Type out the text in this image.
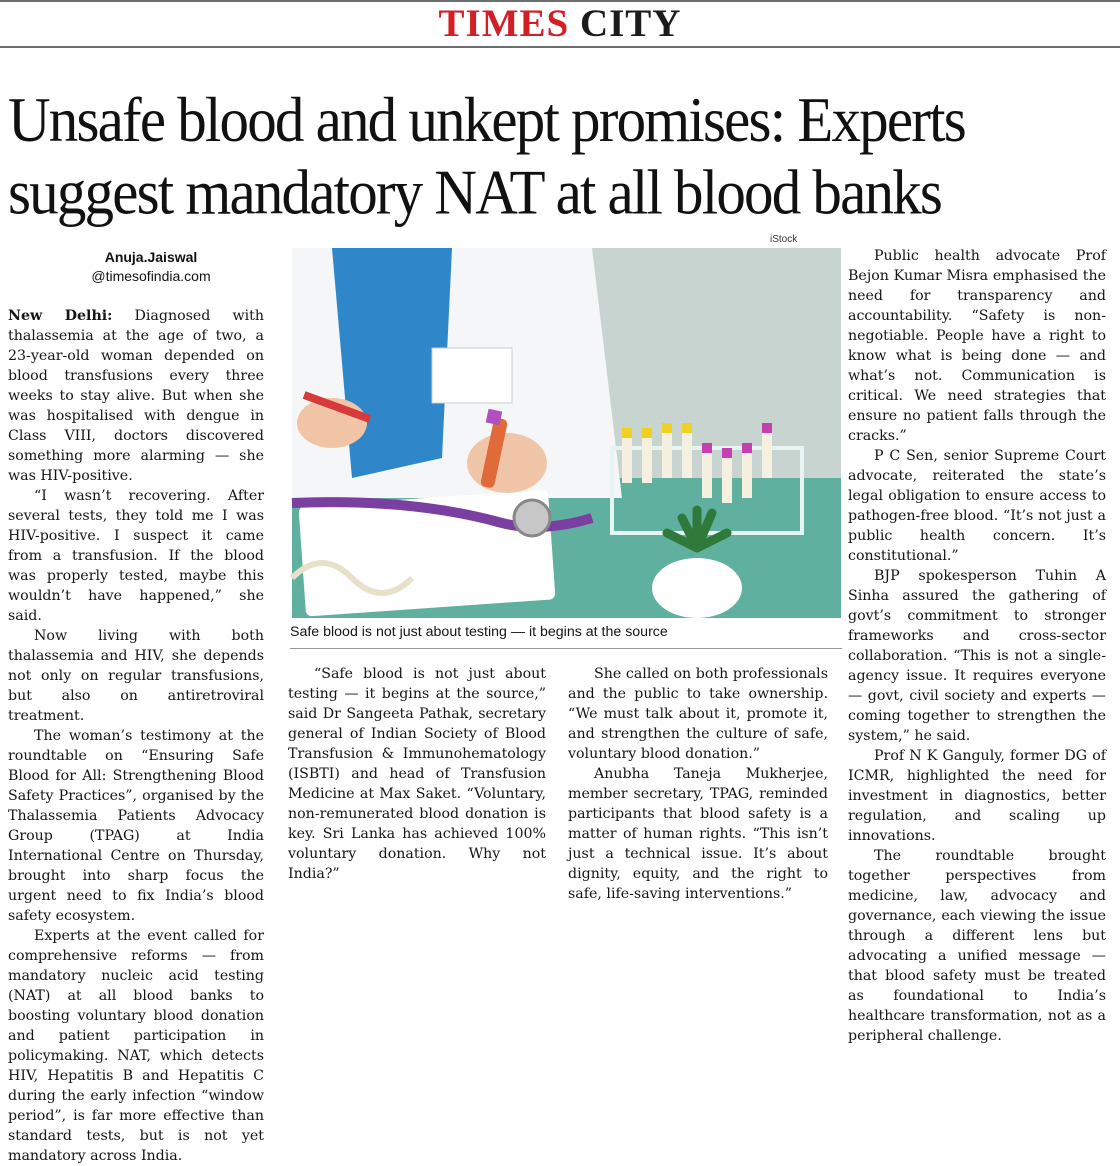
TIMES CITY
Unsafe blood and unkept promises: Experts suggest mandatory NAT at all blood banks
Anuja.Jaiswal
@timesofindia.com

New Delhi: Diagnosed with thalassemia at the age of two, a 23-year-old woman depended on blood transfusions every three weeks to stay alive. But when she was hospitalised with dengue in Class VIII, doctors discovered something more alarming — she was HIV-positive.

“I wasn’t recovering. After several tests, they told me I was HIV-positive. I suspect it came from a transfusion. If the blood was properly tested, maybe this wouldn’t have happened,” she said.

Now living with both thalassemia and HIV, she depends not only on regular transfusions, but also on antiretroviral treatment.

The woman’s testimony at the roundtable on “Ensuring Safe Blood for All: Strengthening Blood Safety Practices”, organised by the Thalassemia Patients Advocacy Group (TPAG) at India International Centre on Thursday, brought into sharp focus the urgent need to fix India’s blood safety ecosystem.

Experts at the event called for comprehensive reforms — from mandatory nucleic acid testing (NAT) at all blood banks to boosting voluntary blood donation and patient participation in policymaking. NAT, which detects HIV, Hepatitis B and Hepatitis C during the early infection “window period”, is far more effective than standard tests, but is not yet mandatory across India.

iStock
Safe blood is not just about testing — it begins at the source

“Safe blood is not just about testing — it begins at the source,” said Dr Sangeeta Pathak, secretary general of Indian Society of Blood Transfusion & Immunohematology (ISBTI) and head of Transfusion Medicine at Max Saket. “Voluntary, non-remunerated blood donation is key. Sri Lanka has achieved 100% voluntary donation. Why not India?”

She called on both professionals and the public to take ownership. “We must talk about it, promote it, and strengthen the culture of safe, voluntary blood donation.”

Anubha Taneja Mukherjee, member secretary, TPAG, reminded participants that blood safety is a matter of human rights. “This isn’t just a technical issue. It’s about dignity, equity, and the right to safe, life-saving interventions.”

Public health advocate Prof Bejon Kumar Misra emphasised the need for transparency and accountability. “Safety is non-negotiable. People have a right to know what is being done — and what’s not. Communication is critical. We need strategies that ensure no patient falls through the cracks.”

P C Sen, senior Supreme Court advocate, reiterated the state’s legal obligation to ensure access to pathogen-free blood. “It’s not just a public health concern. It’s constitutional.”

BJP spokesperson Tuhin A Sinha assured the gathering of govt’s commitment to stronger frameworks and cross-sector collaboration. “This is not a single-agency issue. It requires everyone — govt, civil society and experts — coming together to strengthen the system,” he said.

Prof N K Ganguly, former DG of ICMR, highlighted the need for investment in diagnostics, better regulation, and scaling up innovations.

The roundtable brought together perspectives from medicine, law, advocacy and governance, each viewing the issue through a different lens but advocating a unified message — that blood safety must be treated as foundational to India’s healthcare transformation, not as a peripheral challenge.
